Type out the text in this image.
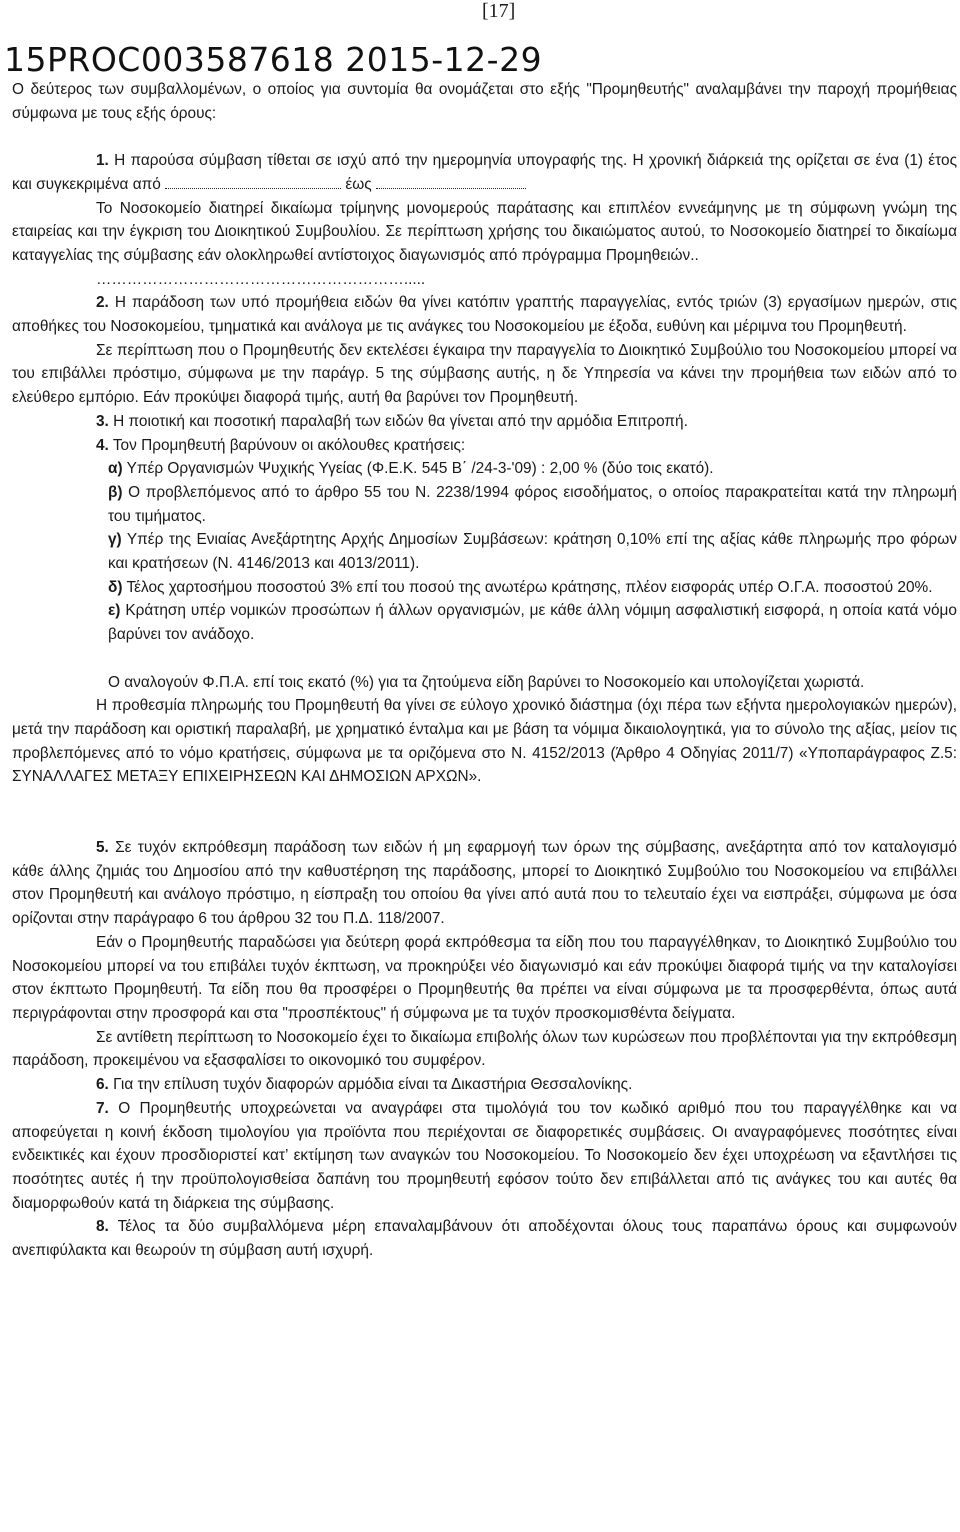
[17]
15PROC003587618 2015-12-29

Ο δεύτερος των συμβαλλομένων, ο οποίος για συντομία θα ονομάζεται στο εξής "Προμηθευτής" αναλαμβάνει την παροχή προμήθειας σύμφωνα με τους εξής όρους:

1. Η παρούσα σύμβαση τίθεται σε ισχύ από την ημερομηνία υπογραφής της. Η χρονική διάρκειά της ορίζεται σε ένα (1) έτος και συγκεκριμένα από	έως

Το Νοσοκομείο διατηρεί δικαίωμα τρίμηνης μονομερούς παράτασης και επιπλέον εννεάμηνης με τη σύμφωνη γνώμη της εταιρείας και την έγκριση του Διοικητικού Συμβουλίου. Σε περίπτωση χρήσης του δικαιώματος αυτού, το Νοσοκομείο διατηρεί το δικαίωμα καταγγελίας της σύμβασης εάν ολοκληρωθεί αντίστοιχος διαγωνισμός από πρόγραμμα Προμηθειών..

…………………………………………………….....

2. Η παράδοση των υπό προμήθεια ειδών θα γίνει κατόπιν γραπτής παραγγελίας, εντός τριών (3) εργασίμων ημερών, στις αποθήκες του Νοσοκομείου, τμηματικά και ανάλογα με τις ανάγκες του Νοσοκομείου με έξοδα, ευθύνη και μέριμνα του Προμηθευτή.

Σε περίπτωση που ο Προμηθευτής δεν εκτελέσει έγκαιρα την παραγγελία το Διοικητικό Συμβούλιο του Νοσοκομείου μπορεί να του επιβάλλει πρόστιμο, σύμφωνα με την παράγρ. 5 της σύμβασης αυτής, η δε Υπηρεσία να κάνει την προμήθεια των ειδών από το ελεύθερο εμπόριο. Εάν προκύψει διαφορά τιμής, αυτή θα βαρύνει τον Προμηθευτή.

3. Η ποιοτική και ποσοτική παραλαβή των ειδών θα γίνεται από την αρμόδια Επιτροπή.

4. Τον Προμηθευτή βαρύνουν οι ακόλουθες κρατήσεις:

α) Υπέρ Οργανισμών Ψυχικής Υγείας (Φ.Ε.Κ. 545 Β΄ /24-3-'09) : 2,00 % (δύο τοις εκατό).

β) Ο προβλεπόμενος από το άρθρο 55 του Ν. 2238/1994 φόρος εισοδήματος, ο οποίος παρακρατείται κατά την πληρωμή του τιμήματος.

γ) Υπέρ της Ενιαίας Ανεξάρτητης Αρχής Δημοσίων Συμβάσεων: κράτηση 0,10% επί της αξίας κάθε πληρωμής προ φόρων και κρατήσεων (Ν. 4146/2013 και 4013/2011).

δ) Τέλος χαρτοσήμου ποσοστού 3% επί του ποσού της ανωτέρω κράτησης, πλέον εισφοράς υπέρ Ο.Γ.Α. ποσοστού 20%.

ε) Κράτηση υπέρ νομικών προσώπων ή άλλων οργανισμών, με κάθε άλλη νόμιμη ασφαλιστική εισφορά, η οποία κατά νόμο βαρύνει τον ανάδοχο.

Ο αναλογούν Φ.Π.Α. επί τοις εκατό (%) για τα ζητούμενα είδη βαρύνει το Νοσοκομείο και υπολογίζεται χωριστά.

Η προθεσμία πληρωμής του Προμηθευτή θα γίνει σε εύλογο χρονικό διάστημα (όχι πέρα των εξήντα ημερολογιακών ημερών), μετά την παράδοση και οριστική παραλαβή, με χρηματικό ένταλμα και με βάση τα νόμιμα δικαιολογητικά, για το σύνολο της αξίας, μείον τις προβλεπόμενες από το νόμο κρατήσεις, σύμφωνα με τα οριζόμενα στο Ν. 4152/2013 (Άρθρο 4 Οδηγίας 2011/7) «Υποπαράγραφος Ζ.5: ΣΥΝΑΛΛΑΓΕΣ ΜΕΤΑΞΥ ΕΠΙΧΕΙΡΗΣΕΩΝ ΚΑΙ ΔΗΜΟΣΙΩΝ ΑΡΧΩΝ».

5. Σε τυχόν εκπρόθεσμη παράδοση των ειδών ή μη εφαρμογή των όρων της σύμβασης, ανεξάρτητα από τον καταλογισμό κάθε άλλης ζημιάς του Δημοσίου από την καθυστέρηση της παράδοσης, μπορεί το Διοικητικό Συμβούλιο του Νοσοκομείου να επιβάλλει στον Προμηθευτή και ανάλογο πρόστιμο, η είσπραξη του οποίου θα γίνει από αυτά που το τελευταίο έχει να εισπράξει, σύμφωνα με όσα ορίζονται στην παράγραφο 6 του άρθρου 32 του Π.Δ. 118/2007.

Εάν ο Προμηθευτής παραδώσει για δεύτερη φορά εκπρόθεσμα τα είδη που του παραγγέλθηκαν, το Διοικητικό Συμβούλιο του Νοσοκομείου μπορεί να του επιβάλει τυχόν έκπτωση, να προκηρύξει νέο διαγωνισμό και εάν προκύψει διαφορά τιμής να την καταλογίσει στον έκπτωτο Προμηθευτή. Τα είδη που θα προσφέρει ο Προμηθευτής θα πρέπει να είναι σύμφωνα με τα προσφερθέντα, όπως αυτά περιγράφονται στην προσφορά και στα "προσπέκτους" ή σύμφωνα με τα τυχόν προσκομισθέντα δείγματα.

Σε αντίθετη περίπτωση το Νοσοκομείο έχει το δικαίωμα επιβολής όλων των κυρώσεων που προβλέπονται για την εκπρόθεσμη παράδοση, προκειμένου να εξασφαλίσει το οικονομικό του συμφέρον.

6. Για την επίλυση τυχόν διαφορών αρμόδια είναι τα Δικαστήρια Θεσσαλονίκης.

7. Ο Προμηθευτής υποχρεώνεται να αναγράφει στα τιμολόγιά του τον κωδικό αριθμό που του παραγγέλθηκε και να αποφεύγεται η κοινή έκδοση τιμολογίου για προϊόντα που περιέχονται σε διαφορετικές συμβάσεις. Οι αναγραφόμενες ποσότητες είναι ενδεικτικές και έχουν προσδιοριστεί κατ’ εκτίμηση των αναγκών του Νοσοκομείου. Το Νοσοκομείο δεν έχει υποχρέωση να εξαντλήσει τις ποσότητες αυτές ή την προϋπολογισθείσα δαπάνη του προμηθευτή εφόσον τούτο δεν επιβάλλεται από τις ανάγκες του και αυτές θα διαμορφωθούν κατά τη διάρκεια της σύμβασης.

8. Τέλος τα δύο συμβαλλόμενα μέρη επαναλαμβάνουν ότι αποδέχονται όλους τους παραπάνω όρους και συμφωνούν ανεπιφύλακτα και θεωρούν τη σύμβαση αυτή ισχυρή.
